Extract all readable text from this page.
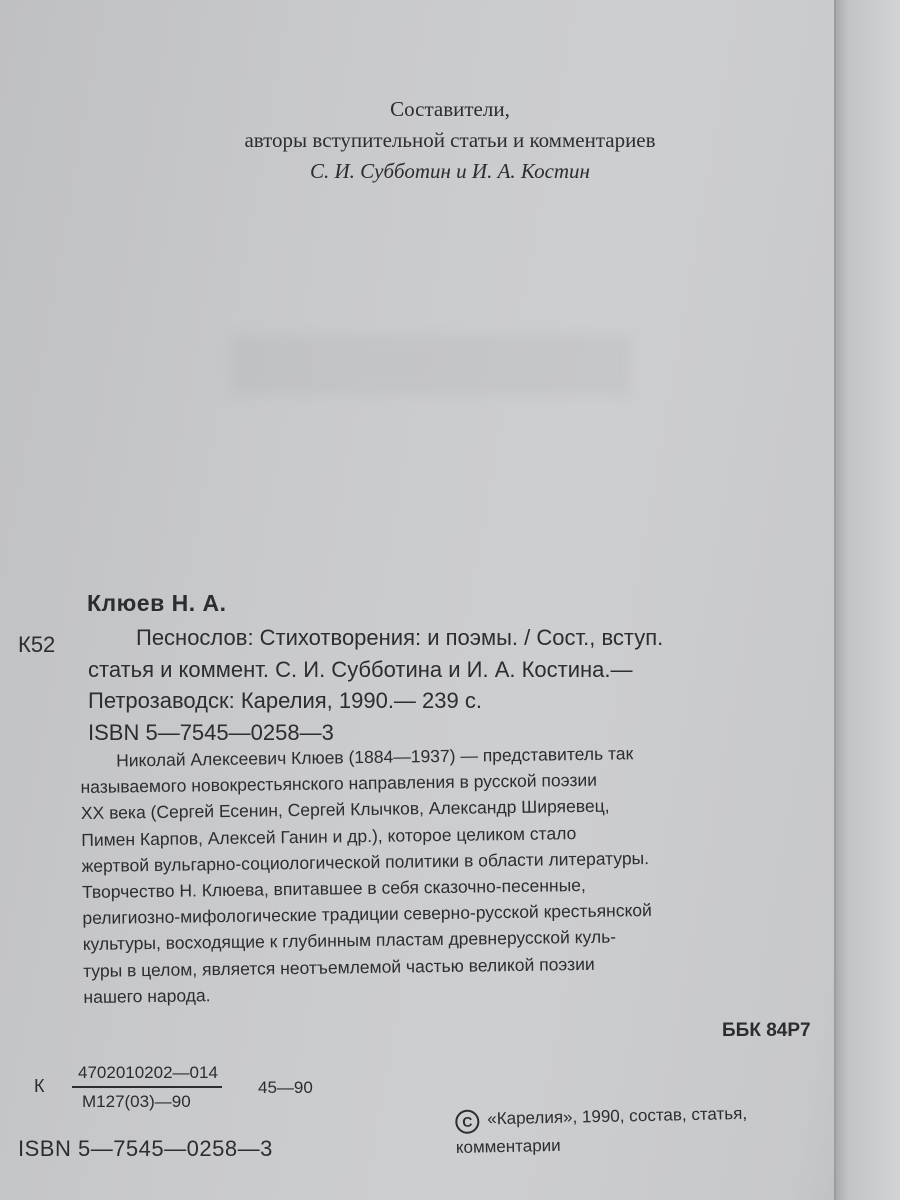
Составители,
авторы вступительной статьи и комментариев
С. И. Субботин и И. А. Костин
Клюев Н. А.
К52	Песнослов: Стихотворения: и поэмы. / Сост., вступ.
статья и коммент. С. И. Субботина и И. А. Костина.—
Петрозаводск: Карелия, 1990.— 239 с.
ISBN 5—7545—0258—3
Николай Алексеевич Клюев (1884—1937) — представитель так
называемого новокрестьянского направления в русской поэзии
XX века (Сергей Есенин, Сергей Клычков, Александр Ширяевец,
Пимен Карпов, Алексей Ганин и др.), которое целиком стало
жертвой вульгарно-социологической политики в области литературы.
Творчество Н. Клюева, впитавшее в себя сказочно-песенные,
религиозно-мифологические традиции северно-русской крестьянской
культуры, восходящие к глубинным пластам древнерусской куль-
туры в целом, является неотъемлемой частью великой поэзии
нашего народа.
ББК 84Р7
К
4702010202—014
М127(03)—90
45—90
ISBN 5—7545—0258—3
C «Карелия», 1990, состав, статья,
комментарии
